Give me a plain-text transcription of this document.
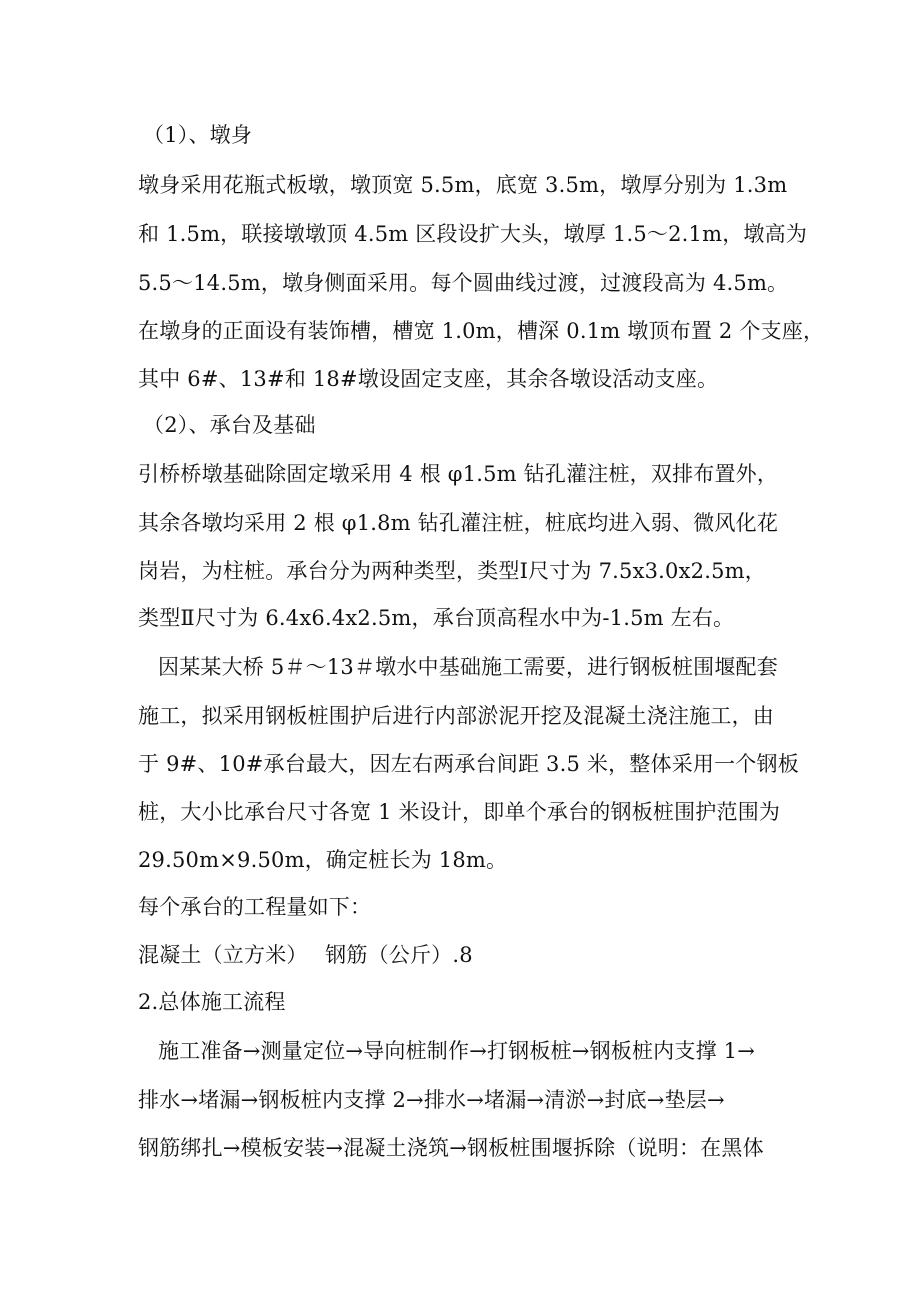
（1）、墩身
墩身采用花瓶式板墩，墩顶宽 5.5m，底宽 3.5m，墩厚分别为 1.3m
和 1.5m，联接墩墩顶 4.5m 区段设扩大头，墩厚 1.5～2.1m，墩高为
5.5～14.5m，墩身侧面采用。每个圆曲线过渡，过渡段高为 4.5m。
在墩身的正面设有装饰槽，槽宽 1.0m，槽深 0.1m 墩顶布置 2 个支座，
其中 6#、13#和 18#墩设固定支座，其余各墩设活动支座。
（2）、承台及基础
引桥桥墩基础除固定墩采用 4 根 φ1.5m 钻孔灌注桩，双排布置外，
其余各墩均采用 2 根 φ1.8m 钻孔灌注桩，桩底均进入弱、微风化花
岗岩，为柱桩。承台分为两种类型，类型Ⅰ尺寸为 7.5x3.0x2.5m，
类型Ⅱ尺寸为 6.4x6.4x2.5m，承台顶高程水中为-1.5m 左右。
因某某大桥 5＃～13＃墩水中基础施工需要，进行钢板桩围堰配套
施工，拟采用钢板桩围护后进行内部淤泥开挖及混凝土浇注施工，由
于 9#、10#承台最大，因左右两承台间距 3.5 米，整体采用一个钢板
桩，大小比承台尺寸各宽 1 米设计，即单个承台的钢板桩围护范围为
29.50m×9.50m，确定桩长为 18m。
每个承台的工程量如下：
混凝土（立方米）　 钢筋（公斤）.8
2.总体施工流程
施工准备→测量定位→导向桩制作→打钢板桩→钢板桩内支撑 1→
排水→堵漏→钢板桩内支撑 2→排水→堵漏→清淤→封底→垫层→
钢筋绑扎→模板安装→混凝土浇筑→钢板桩围堰拆除（说明：在黑体
